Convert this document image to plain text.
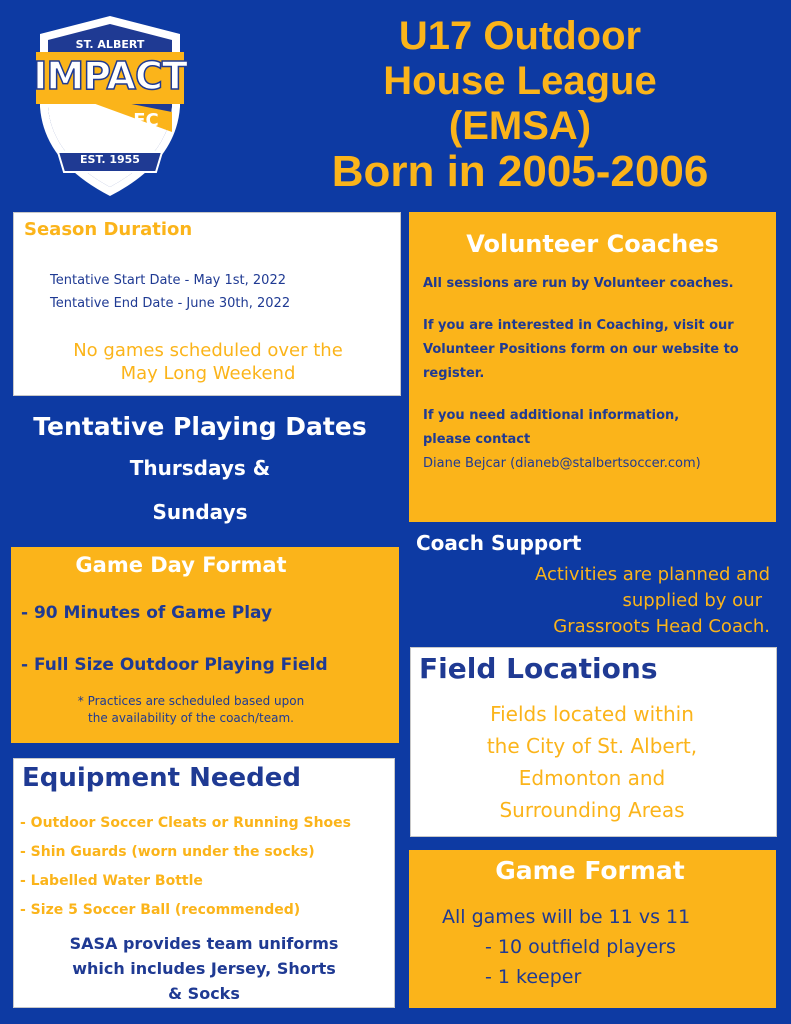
ST. ALBERT
IMPACT
FC
EST. 1955

U17 Outdoor

House League

(EMSA)

Born in 2005-2006

Season Duration
Tentative Start Date - May 1st, 2022
Tentative End Date - June 30th, 2022

No games scheduled over the

May Long Weekend

Volunteer Coaches

All sessions are run by Volunteer coaches.

If you are interested in Coaching, visit our

Volunteer Positions form on our website to

register.

If you need additional information,

please contact

Diane Bejcar (dianeb@stalbertsoccer.com)

Tentative Playing Dates

Thursdays &

Sundays

Game Day Format
- 90 Minutes of Game Play
- Full Size Outdoor Playing Field

* Practices are scheduled based upon

the availability of the coach/team.

Coach Support

Activities are planned and

supplied by our

Grassroots Head Coach.

Field Locations

Fields located within

the City of St. Albert,

Edmonton and

Surrounding Areas

Equipment Needed

- Outdoor Soccer Cleats or Running Shoes

- Shin Guards (worn under the socks)

- Labelled Water Bottle

- Size 5 Soccer Ball (recommended)

SASA provides team uniforms

which includes Jersey, Shorts

& Socks

Game Format
All games will be 11 vs 11
- 10 outfield players
- 1 keeper
